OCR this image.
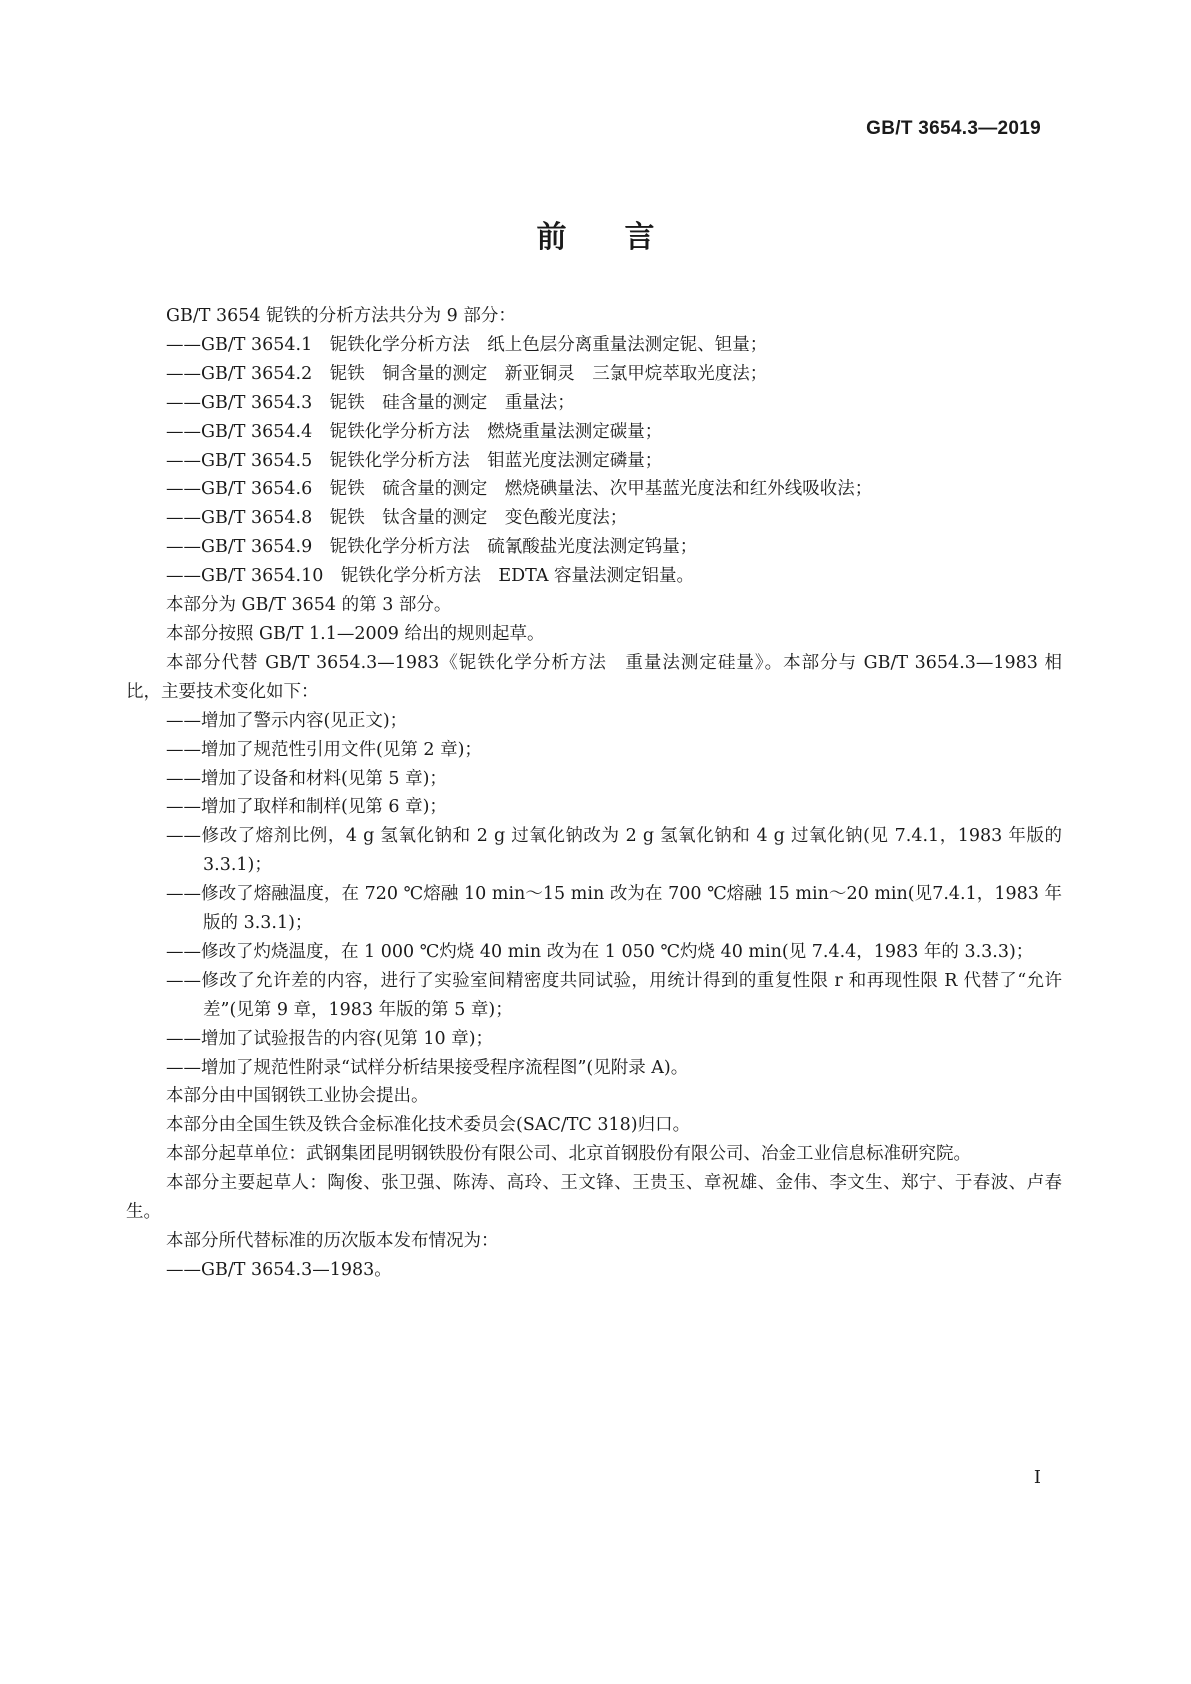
GB/T 3654.3—2019
前言
GB/T 3654 铌铁的分析方法共分为 9 部分：
——GB/T 3654.1　铌铁化学分析方法　纸上色层分离重量法测定铌、钽量；
——GB/T 3654.2　铌铁　铜含量的测定　新亚铜灵　三氯甲烷萃取光度法；
——GB/T 3654.3　铌铁　硅含量的测定　重量法；
——GB/T 3654.4　铌铁化学分析方法　燃烧重量法测定碳量；
——GB/T 3654.5　铌铁化学分析方法　钼蓝光度法测定磷量；
——GB/T 3654.6　铌铁　硫含量的测定　燃烧碘量法、次甲基蓝光度法和红外线吸收法；
——GB/T 3654.8　铌铁　钛含量的测定　变色酸光度法；
——GB/T 3654.9　铌铁化学分析方法　硫氰酸盐光度法测定钨量；
——GB/T 3654.10　铌铁化学分析方法　EDTA 容量法测定铝量。
本部分为 GB/T 3654 的第 3 部分。
本部分按照 GB/T 1.1—2009 给出的规则起草。
本部分代替 GB/T 3654.3—1983《铌铁化学分析方法　重量法测定硅量》。本部分与 GB/T 3654.3—1983 相比，主要技术变化如下：
——增加了警示内容(见正文)；
——增加了规范性引用文件(见第 2 章)；
——增加了设备和材料(见第 5 章)；
——增加了取样和制样(见第 6 章)；
——修改了熔剂比例，4 g 氢氧化钠和 2 g 过氧化钠改为 2 g 氢氧化钠和 4 g 过氧化钠(见 7.4.1，1983 年版的 3.3.1)；
——修改了熔融温度，在 720 ℃熔融 10 min～15 min 改为在 700 ℃熔融 15 min～20 min(见7.4.1，1983 年版的 3.3.1)；
——修改了灼烧温度，在 1 000 ℃灼烧 40 min 改为在 1 050 ℃灼烧 40 min(见 7.4.4，1983 年的 3.3.3)；
——修改了允许差的内容，进行了实验室间精密度共同试验，用统计得到的重复性限 r 和再现性限 R 代替了“允许差”(见第 9 章，1983 年版的第 5 章)；
——增加了试验报告的内容(见第 10 章)；
——增加了规范性附录“试样分析结果接受程序流程图”(见附录 A)。
本部分由中国钢铁工业协会提出。
本部分由全国生铁及铁合金标准化技术委员会(SAC/TC 318)归口。
本部分起草单位：武钢集团昆明钢铁股份有限公司、北京首钢股份有限公司、冶金工业信息标准研究院。
本部分主要起草人：陶俊、张卫强、陈涛、高玲、王文锋、王贵玉、章祝雄、金伟、李文生、郑宁、于春波、卢春生。
本部分所代替标准的历次版本发布情况为：
——GB/T 3654.3—1983。
I
